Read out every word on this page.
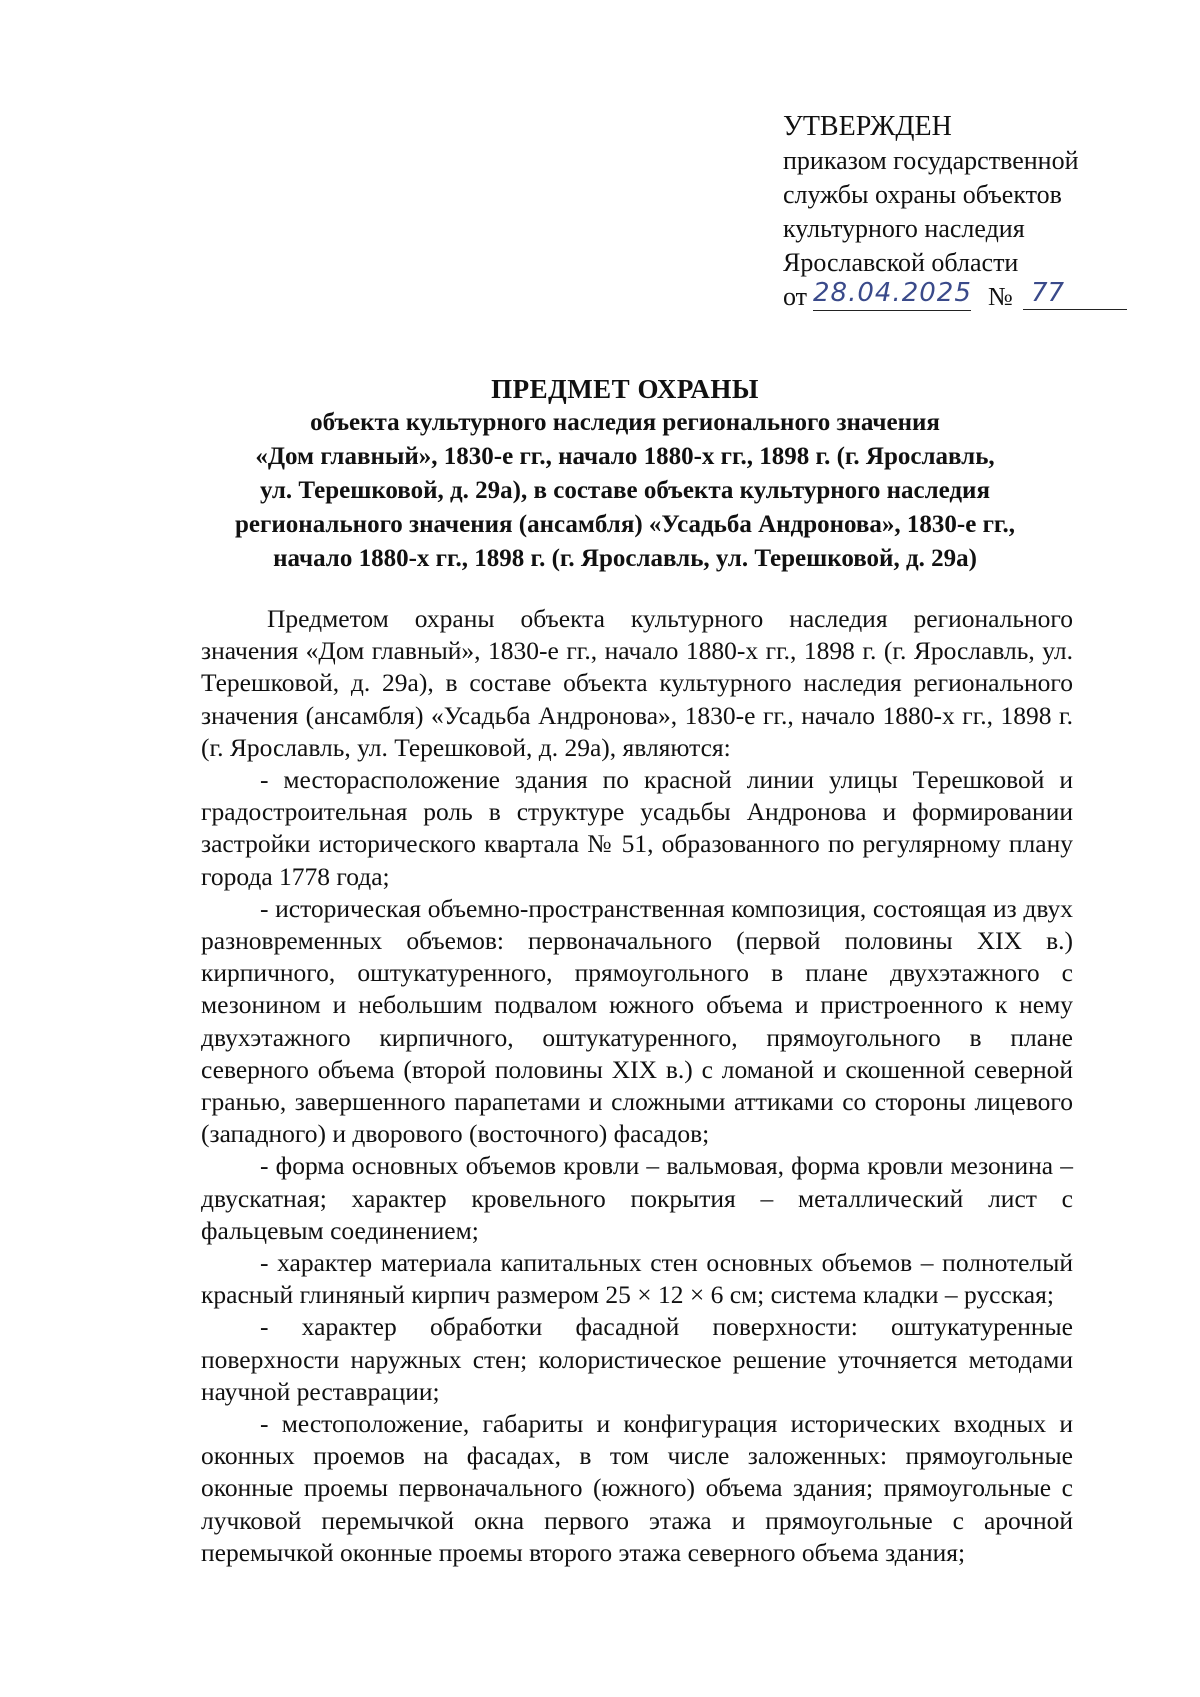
УТВЕРЖДЕН
приказом государственной
службы охраны объектов
культурного наследия
Ярославской области
от 28.04.2025 № 77
ПРЕДМЕТ ОХРАНЫ
объекта культурного наследия регионального значения
«Дом главный», 1830-е гг., начало 1880-х гг., 1898 г. (г. Ярославль,
ул. Терешковой, д. 29а), в составе объекта культурного наследия
регионального значения (ансамбля) «Усадьба Андронова», 1830-е гг.,
начало 1880-х гг., 1898 г. (г. Ярославль, ул. Терешковой, д. 29а)

Предметом охраны объекта культурного наследия регионального значения «Дом главный», 1830-е гг., начало 1880-х гг., 1898 г. (г. Ярославль, ул. Терешковой, д. 29а), в составе объекта культурного наследия регионального значения (ансамбля) «Усадьба Андронова», 1830-е гг., начало 1880-х гг., 1898 г. (г. Ярославль, ул. Терешковой, д. 29а), являются:

- месторасположение здания по красной линии улицы Терешковой и градостроительная роль в структуре усадьбы Андронова и формировании застройки исторического квартала № 51, образованного по регулярному плану города 1778 года;

- историческая объемно-пространственная композиция, состоящая из двух разновременных объемов: первоначального (первой половины XIX в.) кирпичного, оштукатуренного, прямоугольного в плане двухэтажного с мезонином и небольшим подвалом южного объема и пристроенного к нему двухэтажного кирпичного, оштукатуренного, прямоугольного в плане северного объема (второй половины XIX в.) с ломаной и скошенной северной гранью, завершенного парапетами и сложными аттиками со стороны лицевого (западного) и дворового (восточного) фасадов;

- форма основных объемов кровли – вальмовая, форма кровли мезонина – двускатная; характер кровельного покрытия – металлический лист с фальцевым соединением;

- характер материала капитальных стен основных объемов – полнотелый красный глиняный кирпич размером 25 × 12 × 6 см; система кладки – русская;

- характер обработки фасадной поверхности: оштукатуренные поверхности наружных стен; колористическое решение уточняется методами научной реставрации;

- местоположение, габариты и конфигурация исторических входных и оконных проемов на фасадах, в том числе заложенных: прямоугольные оконные проемы первоначального (южного) объема здания; прямоугольные с лучковой перемычкой окна первого этажа и прямоугольные с арочной перемычкой оконные проемы второго этажа северного объема здания;
